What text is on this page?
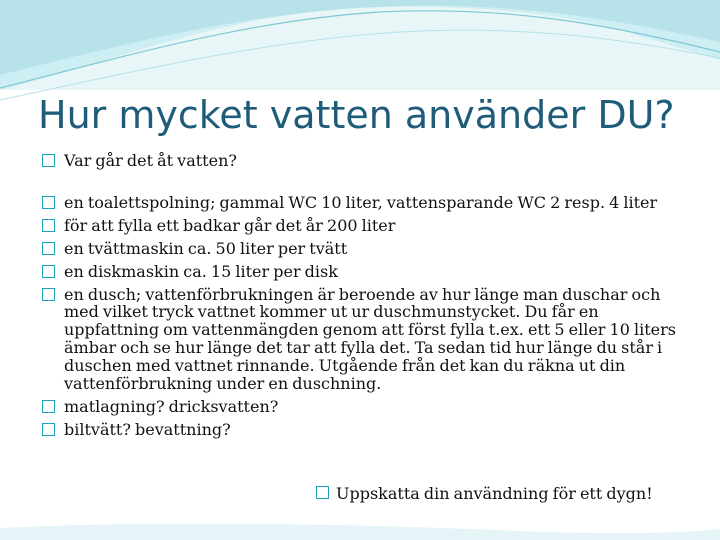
Hur mycket vatten använder DU?
Var går det åt vatten?
en toalettspolning; gammal WC 10 liter, vattensparande WC 2 resp. 4 liter
för att fylla ett badkar går det år 200 liter
en tvättmaskin ca. 50 liter per tvätt
en diskmaskin ca. 15 liter per disk
en dusch; vattenförbrukningen är beroende av hur länge man duschar och med vilket tryck vattnet kommer ut ur duschmunstycket. Du får en uppfattning om vattenmängden genom att först fylla t.ex. ett 5 eller 10 liters ämbar och se hur länge det tar att fylla det. Ta sedan tid hur länge du står i duschen med vattnet rinnande. Utgående från det kan du räkna ut din vattenförbrukning under en duschning.
matlagning? dricksvatten?
biltvätt? bevattning?
Uppskatta din användning för ett dygn!
